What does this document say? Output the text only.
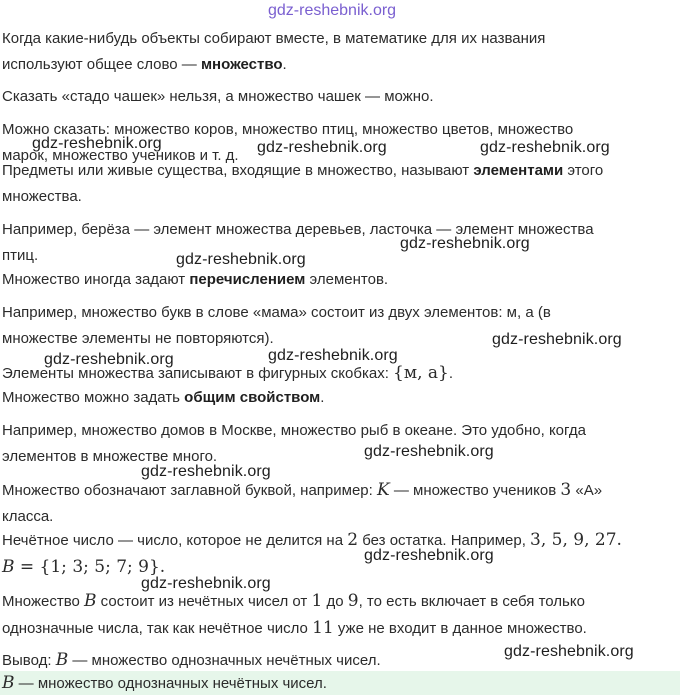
gdz-reshebnik.org

Когда какие-нибудь объекты собирают вместе, в математике для их названия
используют общее слово — множество.

Сказать «стадо чашек» нельзя, а множество чашек — можно.

Можно сказать: множество коров, множество птиц, множество цветов, множество
марок, множество учеников и т. д.

Предметы или живые существа, входящие в множество, называют элементами этого
множества.

Например, берёза — элемент множества деревьев, ласточка — элемент множества
птиц.

Множество иногда задают перечислением элементов.

Например, множество букв в слове «мама» состоит из двух элементов: м, а (в
множестве элементы не повторяются).

Элементы множества записывают в фигурных скобках: {м, а}.

Множество можно задать общим свойством.

Например, множество домов в Москве, множество рыб в океане. Это удобно, когда
элементов в множестве много.

Множество обозначают заглавной буквой, например: K — множество учеников 3 «А»
класса.

Нечётное число — число, которое не делится на 2 без остатка. Например, 3, 5, 9, 27.
B = {1; 3; 5; 7; 9}.

Множество B состоит из нечётных чисел от 1 до 9, то есть включает в себя только
однозначные числа, так как нечётное число 11 уже не входит в данное множество.

Вывод: B — множество однозначных нечётных чисел.

B — множество однозначных нечётных чисел.

gdz-reshebnik.org	gdz-reshebnik.org	gdz-reshebnik.org
gdz-reshebnik.org
gdz-reshebnik.org
gdz-reshebnik.org
gdz-reshebnik.org	gdz-reshebnik.org
gdz-reshebnik.org
gdz-reshebnik.org
gdz-reshebnik.org
gdz-reshebnik.org
gdz-reshebnik.org
